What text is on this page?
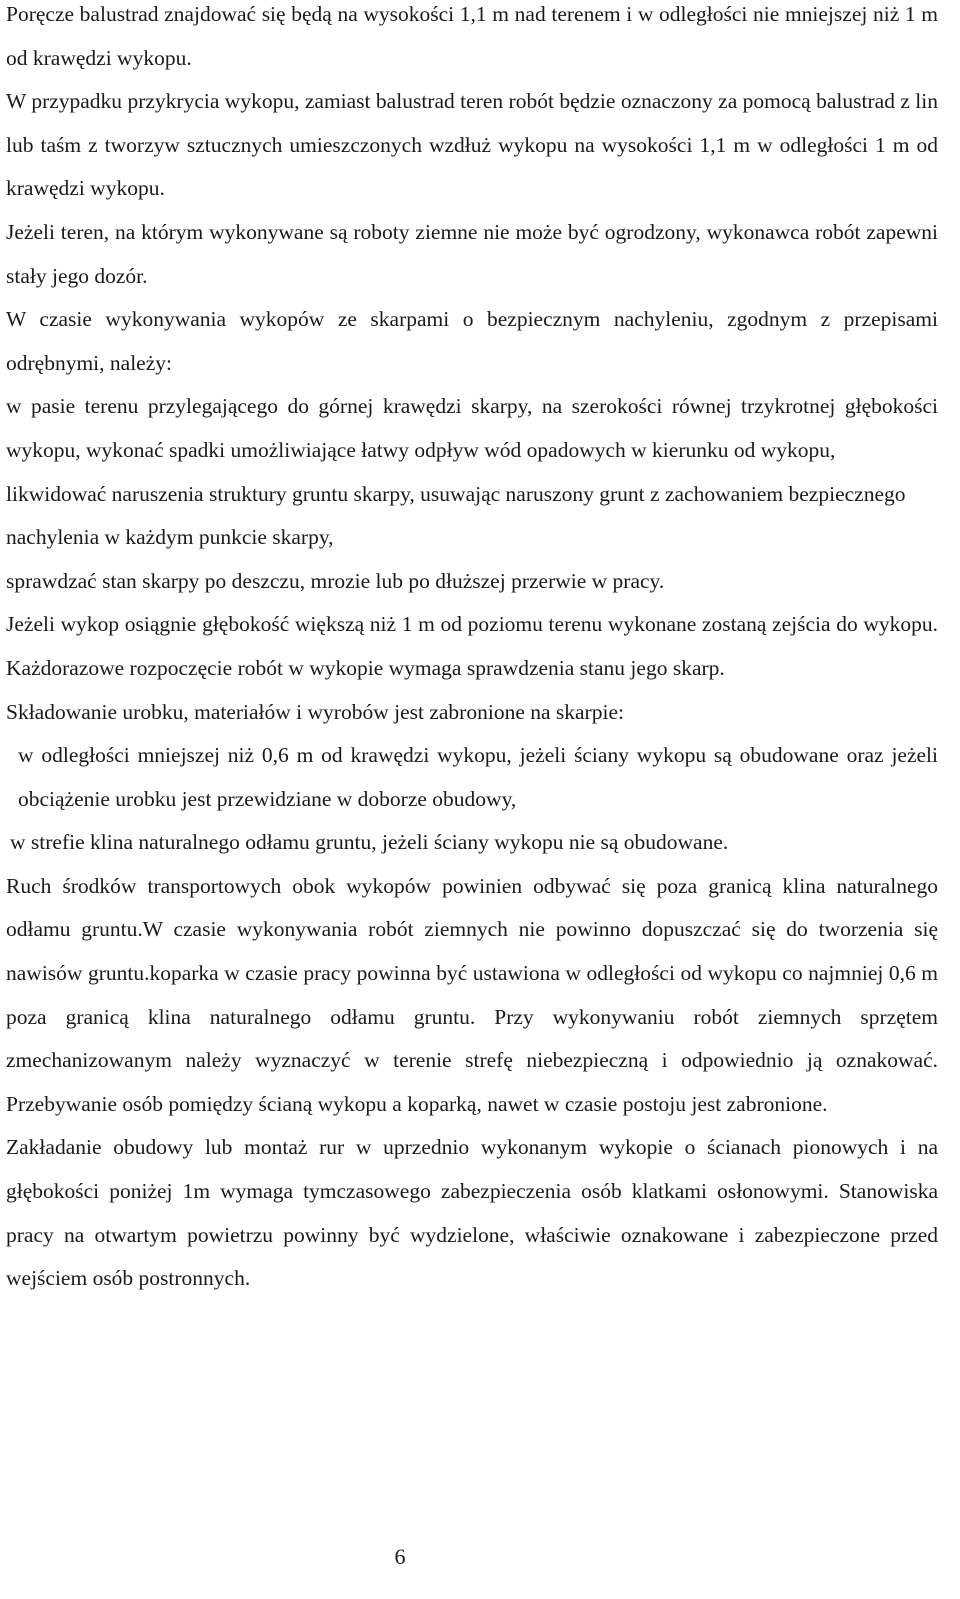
Poręcze balustrad znajdować się będą na wysokości 1,1 m nad terenem i w odległości nie mniejszej niż 1 m od krawędzi wykopu.

W przypadku przykrycia wykopu, zamiast balustrad teren robót będzie oznaczony za pomocą balustrad z lin lub taśm z tworzyw sztucznych umieszczonych wzdłuż wykopu na wysokości 1,1 m w odległości 1 m od krawędzi wykopu.

Jeżeli teren, na którym wykonywane są roboty ziemne nie może być ogrodzony, wykonawca robót zapewni stały jego dozór.

W czasie wykonywania wykopów ze skarpami o bezpiecznym nachyleniu, zgodnym z przepisami odrębnymi, należy:

w pasie terenu przylegającego do górnej krawędzi skarpy, na szerokości równej trzykrotnej głębokości wykopu, wykonać spadki umożliwiające łatwy odpływ wód opadowych w kierunku od wykopu,

likwidować naruszenia struktury gruntu skarpy, usuwając naruszony grunt z zachowaniem bezpiecznego nachylenia w każdym punkcie skarpy,

sprawdzać stan skarpy po deszczu, mrozie lub po dłuższej przerwie w pracy.

Jeżeli wykop osiągnie głębokość większą niż 1 m od poziomu terenu wykonane zostaną zejścia do wykopu. Każdorazowe rozpoczęcie robót w wykopie wymaga sprawdzenia stanu jego skarp.

Składowanie urobku, materiałów i wyrobów jest zabronione na skarpie:

w odległości mniejszej niż 0,6 m od krawędzi wykopu, jeżeli ściany wykopu są obudowane oraz jeżeli obciążenie urobku jest przewidziane w doborze obudowy,

w strefie klina naturalnego odłamu gruntu, jeżeli ściany wykopu nie są obudowane.

Ruch środków transportowych obok wykopów powinien odbywać się poza granicą klina naturalnego odłamu gruntu.W czasie wykonywania robót ziemnych nie powinno dopuszczać się do tworzenia się nawisów gruntu.koparka w czasie pracy powinna być ustawiona w odległości od wykopu co najmniej 0,6 m poza granicą klina naturalnego odłamu gruntu. Przy wykonywaniu robót ziemnych sprzętem zmechanizowanym należy wyznaczyć w terenie strefę niebezpieczną i odpowiednio ją oznakować. Przebywanie osób pomiędzy ścianą wykopu a koparką, nawet w czasie postoju jest zabronione.

Zakładanie obudowy lub montaż rur w uprzednio wykonanym wykopie o ścianach pionowych i na głębokości poniżej 1m wymaga tymczasowego zabezpieczenia osób klatkami osłonowymi. Stanowiska pracy na otwartym powietrzu powinny być wydzielone, właściwie oznakowane i zabezpieczone przed wejściem osób postronnych.

6
